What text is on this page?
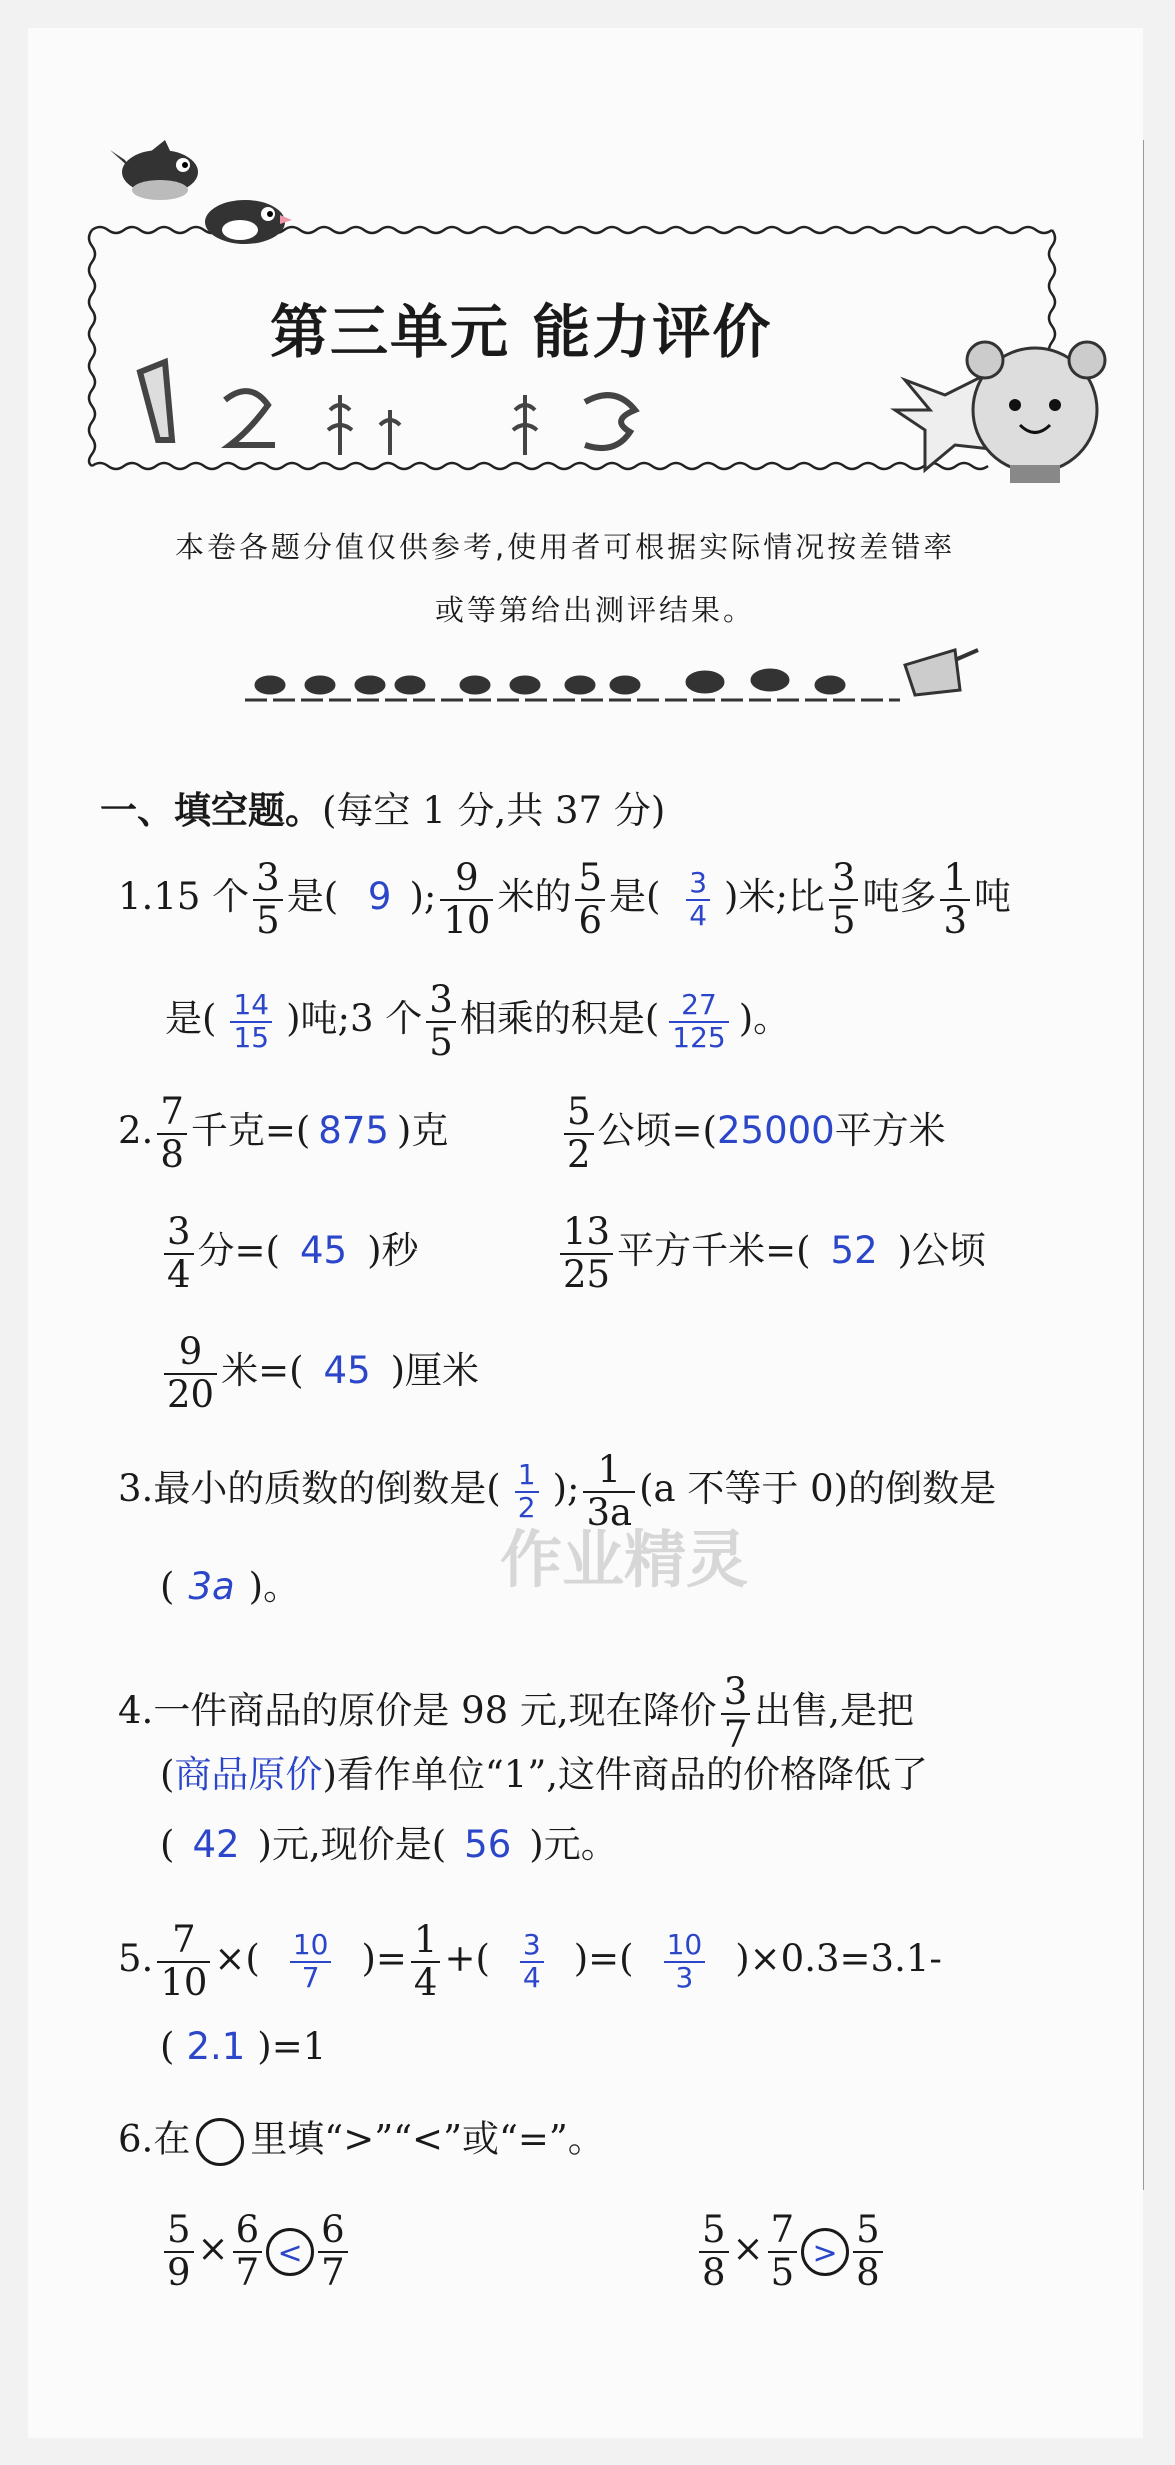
第三单元 能力评价
本卷各题分值仅供参考,使用者可根据实际情况按差错率
或等第给出测评结果。
一、填空题。(每空 1 分,共 37 分)
1.15 个 $\frac{3}{5}$ 是( 9 ); $\frac{9}{10}$ 米的 $\frac{5}{6}$ 是( $\frac{3}{4}$ )米;比 $\frac{3}{5}$ 吨多 $\frac{1}{3}$ 吨
是( $\frac{14}{15}$ )吨;3 个 $\frac{3}{5}$ 相乘的积是( $\frac{27}{125}$ )。
2. $\frac{7}{8}$ 千克=( 875 )克	$\frac{5}{2}$ 公顷=(25000平方米
$\frac{3}{4}$ 分=( 45 )秒	$\frac{13}{25}$ 平方千米=( 52 )公顷
$\frac{9}{20}$ 米=( 45 )厘米
3.最小的质数的倒数是( $\frac{1}{2}$ ); $\frac{1}{3a} (a$ 不等于 0)的倒数是
( 3a )。	作业精灵
4.一件商品的原价是 98 元,现在降价 $\frac{3}{7}$ 出售,是把
(商品原价)看作单位“1”,这件商品的价格降低了
( 42 )元,现价是( 56 )元。
5. $\frac{7}{10}$ ×( $\frac{10}{7}$ )= $\frac{1}{4}$ +( $\frac{3}{4}$ )=( $\frac{10}{3} )\times 0.3=3.1-$
( 2.1 )=1
6.在 里填“>”“<”或“=”。
$\frac{5}{9} \times \frac{6}{7} < \frac{6}{7}$	$\frac{5}{8} \times \frac{7}{5} > \frac{5}{8}$
